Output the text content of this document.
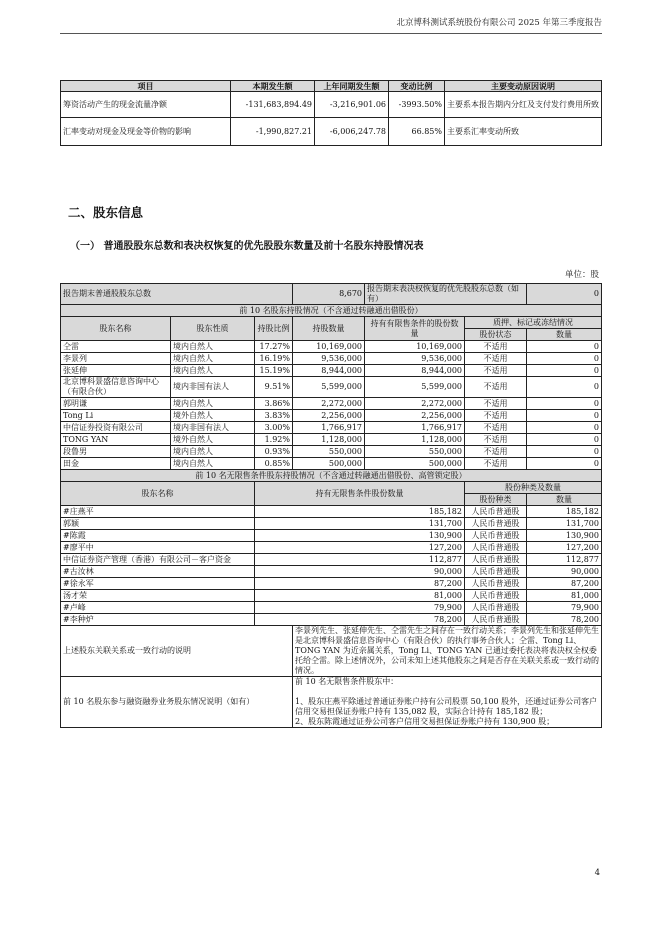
北京博科测试系统股份有限公司 2025 年第三季度报告
项目	本期发生额	上年同期发生额	变动比例	主要变动原因说明
筹资活动产生的现金流量净额	-131,683,894.49	-3,216,901.06	-3993.50%	主要系本报告期内分红及支付发行费用所致
汇率变动对现金及现金等价物的影响	-1,990,827.21	-6,006,247.78	66.85%	主要系汇率变动所致
二、股东信息
（一） 普通股股东总数和表决权恢复的优先股股东数量及前十名股东持股情况表
单位：股
报告期末普通股股东总数			8,670	报告期末表决权恢复的优先股股东总数（如有）		0
前 10 名股东持股情况（不含通过转融通出借股份）						
股东名称	股东性质	持股比例	持股数量	持有有限售条件的股份数量	质押、标记或冻结情况	
					股份状态	数量
仝雷	境内自然人	17.27%	10,169,000	10,169,000	不适用	0
李景列	境内自然人	16.19%	9,536,000	9,536,000	不适用	0
张延伸	境内自然人	15.19%	8,944,000	8,944,000	不适用	0
北京博科景盛信息咨询中心（有限合伙）	境内非国有法人	9.51%	5,599,000	5,599,000	不适用	0
郭明谦	境内自然人	3.86%	2,272,000	2,272,000	不适用	0
Tong Li	境外自然人	3.83%	2,256,000	2,256,000	不适用	0
中信证券投资有限公司	境内非国有法人	3.00%	1,766,917	1,766,917	不适用	0
TONG YAN	境外自然人	1.92%	1,128,000	1,128,000	不适用	0
段鲁男	境内自然人	0.93%	550,000	550,000	不适用	0
田金	境内自然人	0.85%	500,000	500,000	不适用	0
前 10 名无限售条件股东持股情况（不含通过转融通出借股份、高管锁定股）						
股东名称		持有无限售条件股份数量			股份种类及数量	
					股份种类	数量
#庄燕平		185,182			人民币普通股	185,182
郭颖		131,700			人民币普通股	131,700
#陈霞		130,900			人民币普通股	130,900
#廖平中		127,200			人民币普通股	127,200
中信证券资产管理（香港）有限公司－客户资金		112,877			人民币普通股	112,877
#古汝林		90,000			人民币普通股	90,000
#徐永军		87,200			人民币普通股	87,200
汤才荣		81,000			人民币普通股	81,000
#卢峰		79,900			人民币普通股	79,900
#李种炉		78,200			人民币普通股	78,200
上述股东关联关系或一致行动的说明			李景列先生、张延伸先生、仝雷先生之间存在一致行动关系；李景列先生和张延伸先生是北京博科景盛信息咨询中心（有限合伙）的执行事务合伙人；仝雷、Tong Li、TONG YAN 为近亲属关系，Tong Li、TONG YAN 已通过委托表决将表决权全权委托给仝雷。除上述情况外，公司未知上述其他股东之间是否存在关联关系或一致行动的情况。			
前 10 名股东参与融资融券业务股东情况说明（如有）			前 10 名无限售条件股东中：

1、股东庄燕平除通过普通证券账户持有公司股票 50,100 股外，还通过证券公司客户信用交易担保证券账户持有 135,082 股，实际合计持有 185,182 股；
2、股东陈霞通过证券公司客户信用交易担保证券账户持有 130,900 股；			
4
